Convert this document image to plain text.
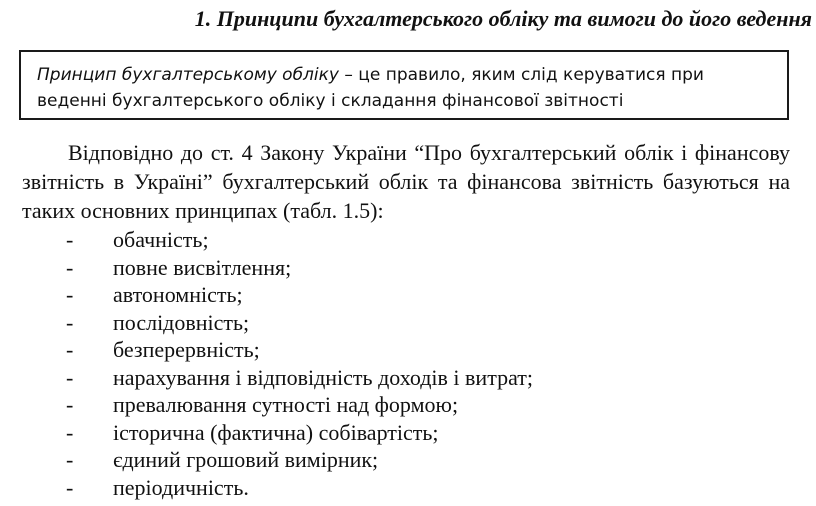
1. Принципи бухгалтерського обліку та вимоги до його ведення
Принцип бухгалтерському обліку – це правило, яким слід керуватися при веденні бухгалтерського обліку і складання фінансової звітності

Відповідно до ст. 4 Закону України “Про бухгалтерський облік і фінансову звітність в Україні” бухгалтерський облік та фінансова звітність базуються на таких основних принципах (табл. 1.5):

- обачність;
- повне висвітлення;
- автономність;
- послідовність;
- безперервність;
- нарахування і відповідність доходів і витрат;
- превалювання сутності над формою;
- історична (фактична) собівартість;
- єдиний грошовий вимірник;
- періодичність.
